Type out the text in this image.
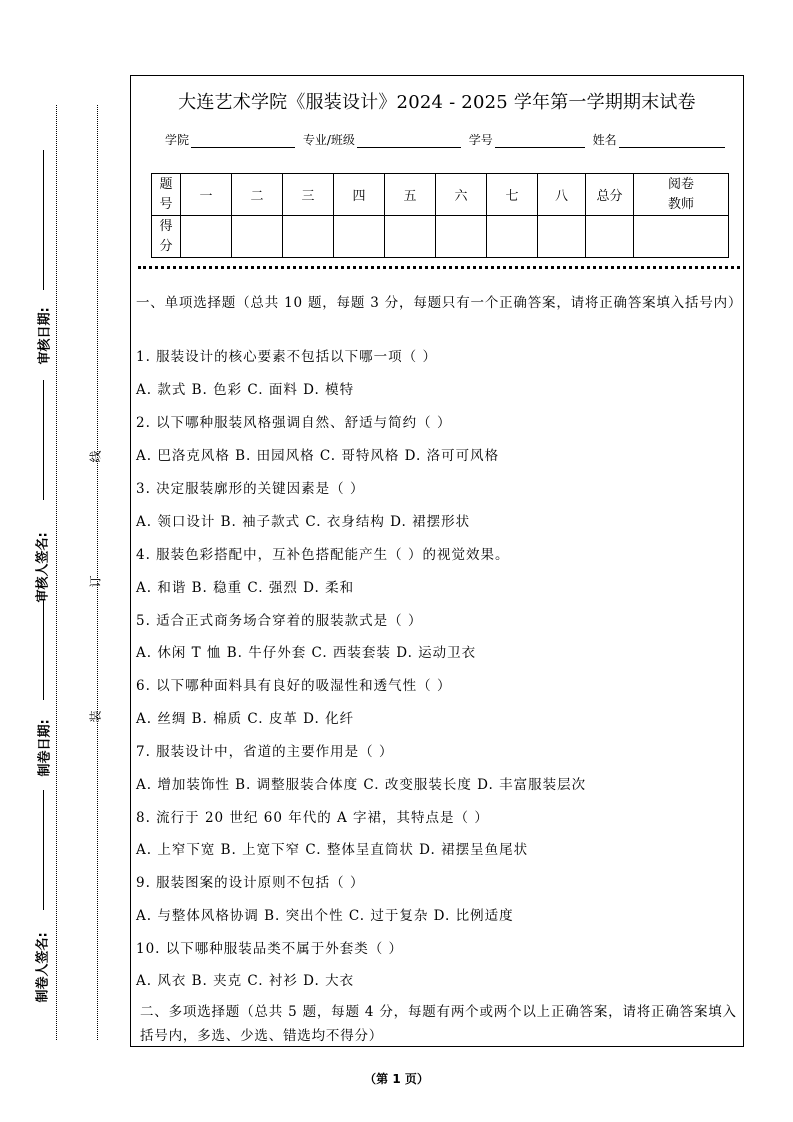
审核日期:
审核人签名:
制卷日期:
制卷人签名:
线
订
装
大连艺术学院《服装设计》2024 - 2025 学年第一学期期末试卷
学院	专业/班级	学号	姓名
题号	一	二	三	四	五	六	七	八	总分	阅卷教师
得分										
一、单项选择题（总共 10 题，每题 3 分，每题只有一个正确答案，请将正确答案填入括号内）
1. 服装设计的核心要素不包括以下哪一项（ ）
A. 款式 B. 色彩 C. 面料 D. 模特
2. 以下哪种服装风格强调自然、舒适与简约（ ）
A. 巴洛克风格 B. 田园风格 C. 哥特风格 D. 洛可可风格
3. 决定服装廓形的关键因素是（ ）
A. 领口设计 B. 袖子款式 C. 衣身结构 D. 裙摆形状
4. 服装色彩搭配中，互补色搭配能产生（ ）的视觉效果。
A. 和谐 B. 稳重 C. 强烈 D. 柔和
5. 适合正式商务场合穿着的服装款式是（ ）
A. 休闲 T 恤 B. 牛仔外套 C. 西装套装 D. 运动卫衣
6. 以下哪种面料具有良好的吸湿性和透气性（ ）
A. 丝绸 B. 棉质 C. 皮革 D. 化纤
7. 服装设计中，省道的主要作用是（ ）
A. 增加装饰性 B. 调整服装合体度 C. 改变服装长度 D. 丰富服装层次
8. 流行于 20 世纪 60 年代的 A 字裙，其特点是（ ）
A. 上窄下宽 B. 上宽下窄 C. 整体呈直筒状 D. 裙摆呈鱼尾状
9. 服装图案的设计原则不包括（ ）
A. 与整体风格协调 B. 突出个性 C. 过于复杂 D. 比例适度
10. 以下哪种服装品类不属于外套类（ ）
A. 风衣 B. 夹克 C. 衬衫 D. 大衣
二、多项选择题（总共 5 题，每题 4 分，每题有两个或两个以上正确答案，请将正确答案填入括号内，多选、少选、错选均不得分）
（第 1 页）
